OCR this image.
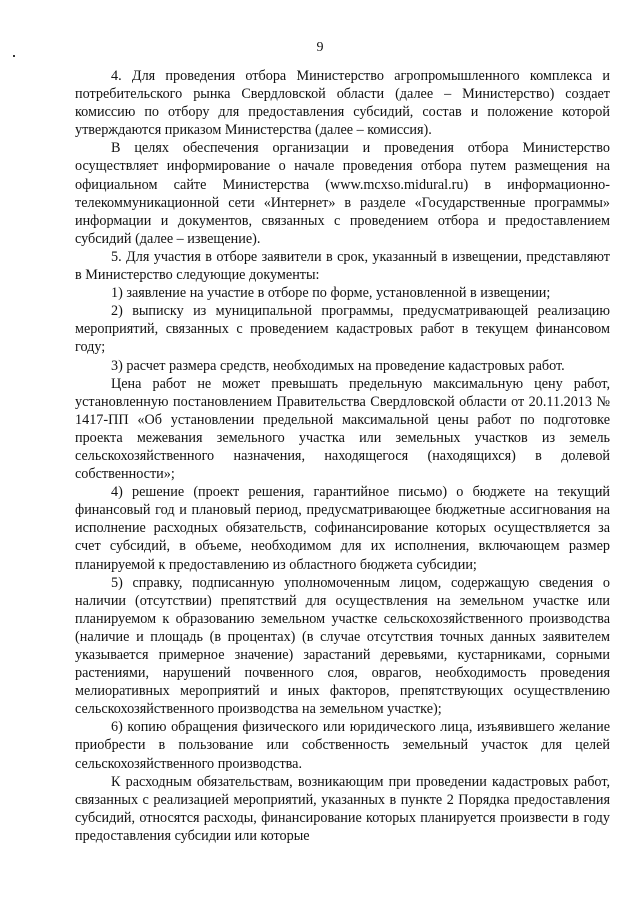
9

4. Для проведения отбора Министерство агропромышленного комплекса и потребительского рынка Свердловской области (далее – Министерство) создает комиссию по отбору для предоставления субсидий, состав и положение которой утверждаются приказом Министерства (далее – комиссия).

В целях обеспечения организации и проведения отбора Министерство осуществляет информирование о начале проведения отбора путем размещения на официальном сайте Министерства (www.mcxso.midural.ru) в информационно-телекоммуникационной сети «Интернет» в разделе «Государственные программы» информации и документов, связанных с проведением отбора и предоставлением субсидий (далее – извещение).

5. Для участия в отборе заявители в срок, указанный в извещении, представляют в Министерство следующие документы:

1) заявление на участие в отборе по форме, установленной в извещении;

2) выписку из муниципальной программы, предусматривающей реализацию мероприятий, связанных с проведением кадастровых работ в текущем финансовом году;

3) расчет размера средств, необходимых на проведение кадастровых работ.

Цена работ не может превышать предельную максимальную цену работ, установленную постановлением Правительства Свердловской области от 20.11.2013 № 1417-ПП «Об установлении предельной максимальной цены работ по подготовке проекта межевания земельного участка или земельных участков из земель сельскохозяйственного назначения, находящегося (находящихся) в долевой собственности»;

4) решение (проект решения, гарантийное письмо) о бюджете на текущий финансовый год и плановый период, предусматривающее бюджетные ассигнования на исполнение расходных обязательств, софинансирование которых осуществляется за счет субсидий, в объеме, необходимом для их исполнения, включающем размер планируемой к предоставлению из областного бюджета субсидии;

5) справку, подписанную уполномоченным лицом, содержащую сведения о наличии (отсутствии) препятствий для осуществления на земельном участке или планируемом к образованию земельном участке сельскохозяйственного производства (наличие и площадь (в процентах) (в случае отсутствия точных данных заявителем указывается примерное значение) зарастаний деревьями, кустарниками, сорными растениями, нарушений почвенного слоя, оврагов, необходимость проведения мелиоративных мероприятий и иных факторов, препятствующих осуществлению сельскохозяйственного производства на земельном участке);

6) копию обращения физического или юридического лица, изъявившего желание приобрести в пользование или собственность земельный участок для целей сельскохозяйственного производства.

К расходным обязательствам, возникающим при проведении кадастровых работ, связанных с реализацией мероприятий, указанных в пункте 2 Порядка предоставления субсидий, относятся расходы, финансирование которых планируется произвести в году предоставления субсидии или которые
